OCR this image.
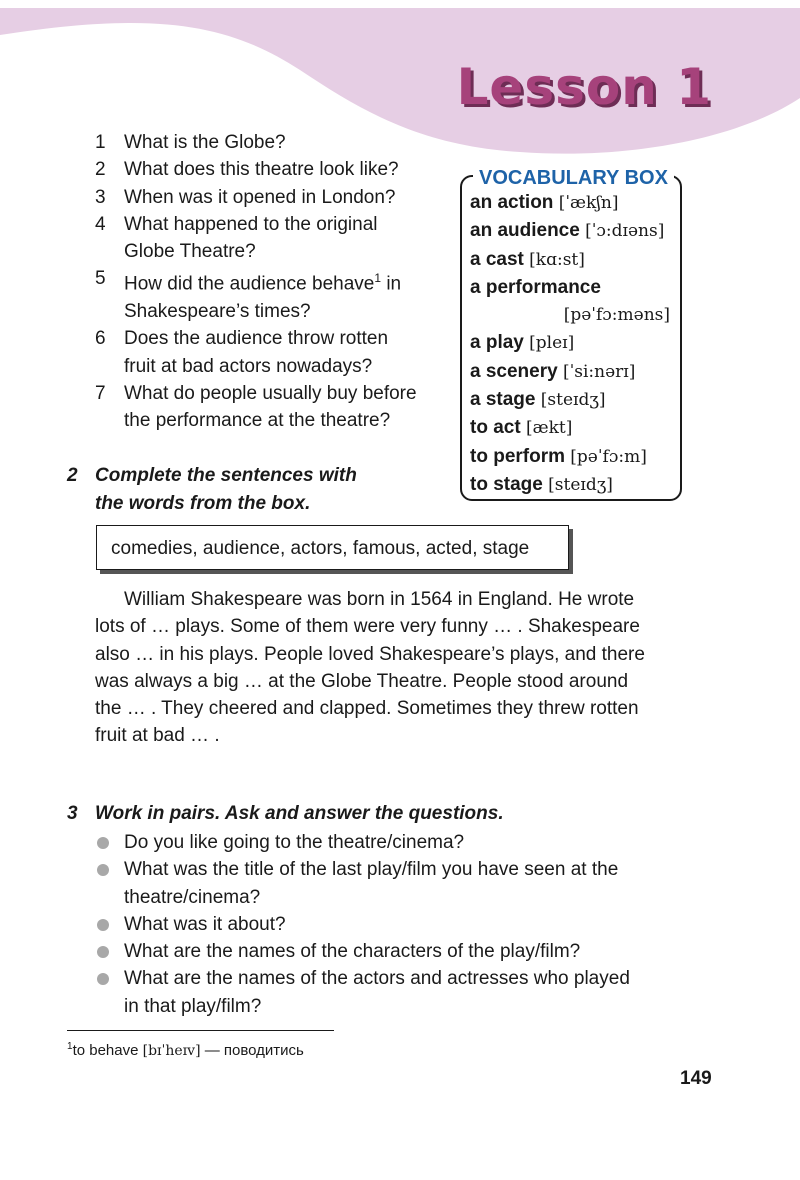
Lesson 1
1 What is the Globe?
2 What does this theatre look like?
3 When was it opened in London?
4 What happened to the original
Globe Theatre?
5 How did the audience behave$^1$ in
Shakespeare’s times?
6 Does the audience throw rotten
fruit at bad actors nowadays?
7 What do people usually buy before
the performance at the theatre?
VOCABULARY BOX
an action [ˈækʃn]
an audience [ˈɔ:dɪəns]
a cast [kɑ:st]
a performance
[pəˈfɔ:məns]
a play [pleɪ]
a scenery [ˈsi:nərɪ]
a stage [steɪdʒ]
to act [ækt]
to perform [pəˈfɔ:m]
to stage [steɪdʒ]
2 Complete the sentences with
the words from the box.
comedies, audience, actors, famous, acted, stage
William Shakespeare was born in 1564 in England. He wrote
lots of … plays. Some of them were very funny … . Shakespeare
also … in his plays. People loved Shakespeare’s plays, and there
was always a big … at the Globe Theatre. People stood around
the … . They cheered and clapped. Sometimes they threw rotten
fruit at bad … .
3 Work in pairs. Ask and answer the questions.
Do you like going to the theatre/cinema?
What was the title of the last play/film you have seen at the
theatre/cinema?
What was it about?
What are the names of the characters of the play/film?
What are the names of the actors and actresses who played
in that play/film?
$^1$to behave [bɪˈheɪv] — поводитись
149
